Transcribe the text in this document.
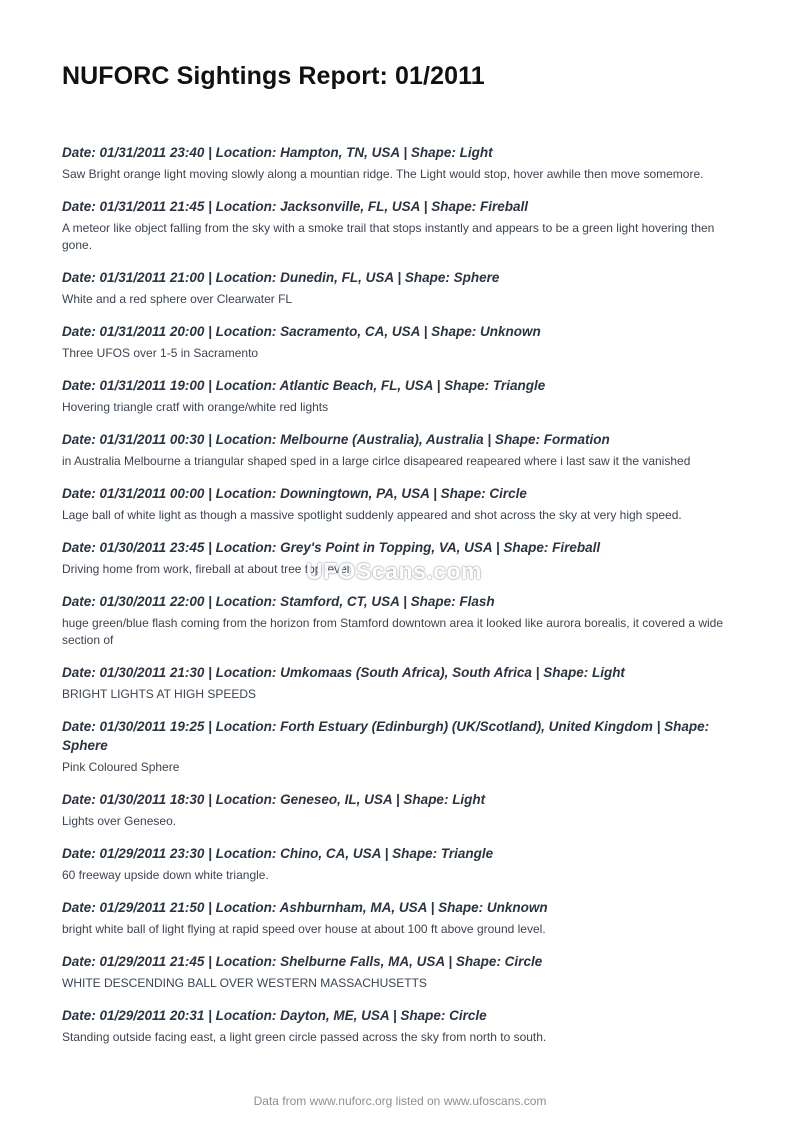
NUFORC Sightings Report: 01/2011

Date: 01/31/2011 23:40 | Location: Hampton, TN, USA | Shape: Light

Saw Bright orange light moving slowly along a mountian ridge. The Light would stop, hover awhile then move somemore.

Date: 01/31/2011 21:45 | Location: Jacksonville, FL, USA | Shape: Fireball

A meteor like object falling from the sky with a smoke trail that stops instantly and appears to be a green light hovering then gone.

Date: 01/31/2011 21:00 | Location: Dunedin, FL, USA | Shape: Sphere

White and a red sphere over Clearwater FL

Date: 01/31/2011 20:00 | Location: Sacramento, CA, USA | Shape: Unknown

Three UFOS over 1-5 in Sacramento

Date: 01/31/2011 19:00 | Location: Atlantic Beach, FL, USA | Shape: Triangle

Hovering triangle cratf with orange/white red lights

Date: 01/31/2011 00:30 | Location: Melbourne (Australia), Australia | Shape: Formation

in Australia Melbourne a triangular shaped sped in a large cirlce disapeared reapeared where i last saw it the vanished

Date: 01/31/2011 00:00 | Location: Downingtown, PA, USA | Shape: Circle

Lage ball of white light as though a massive spotlight suddenly appeared and shot across the sky at very high speed.

Date: 01/30/2011 23:45 | Location: Grey's Point in Topping, VA, USA | Shape: Fireball

Driving home from work, fireball at about tree top level

Date: 01/30/2011 22:00 | Location: Stamford, CT, USA | Shape: Flash

huge green/blue flash coming from the horizon from Stamford downtown area it looked like aurora borealis, it covered a wide section of

Date: 01/30/2011 21:30 | Location: Umkomaas (South Africa), South Africa | Shape: Light

BRIGHT LIGHTS AT HIGH SPEEDS

Date: 01/30/2011 19:25 | Location: Forth Estuary (Edinburgh) (UK/Scotland), United Kingdom | Shape: Sphere

Pink Coloured Sphere

Date: 01/30/2011 18:30 | Location: Geneseo, IL, USA | Shape: Light

Lights over Geneseo.

Date: 01/29/2011 23:30 | Location: Chino, CA, USA | Shape: Triangle

60 freeway upside down white triangle.

Date: 01/29/2011 21:50 | Location: Ashburnham, MA, USA | Shape: Unknown

bright white ball of light flying at rapid speed over house at about 100 ft above ground level.

Date: 01/29/2011 21:45 | Location: Shelburne Falls, MA, USA | Shape: Circle

WHITE DESCENDING BALL OVER WESTERN MASSACHUSETTS

Date: 01/29/2011 20:31 | Location: Dayton, ME, USA | Shape: Circle

Standing outside facing east, a light green circle passed across the sky from north to south.

UFOScans.com
Data from www.nuforc.org listed on www.ufoscans.com
